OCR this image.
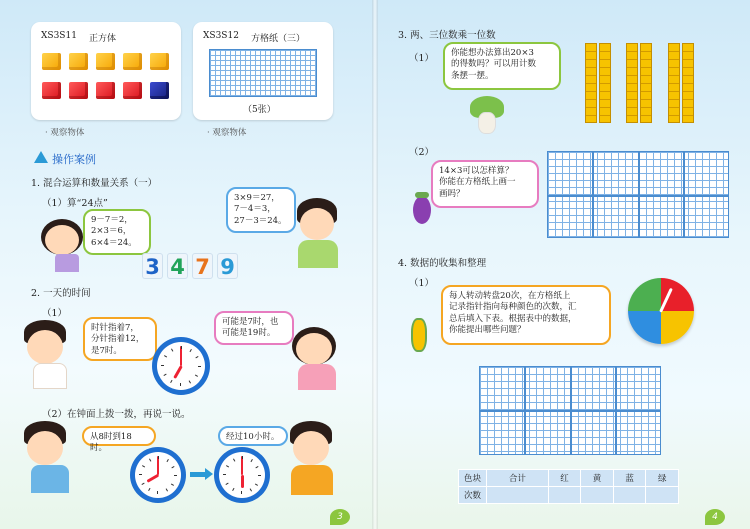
XS3S11 正方体
· 观察物体
XS3S12 方格纸（三）
（5张）
· 观察物体
操作案例
1. 混合运算和数量关系（一）
（1）算“24点”
9－7＝2，
2×3＝6，
6×4＝24。
3 4 7 9
3×9＝27，
7－4＝3，
27－3＝24。
2. 一天的时间
（1）
时针指着7，
分针指着12，
是7时。
可能是7时，也
可能是19时。
（2）在钟面上拨一拨，再说一说。
从8时到18时。
经过10小时。
3
3. 两、三位数乘一位数
（1） 你能想办法算出20×3
的得数吗？可以用计数
条摆一摆。
（2）
14×3可以怎样算？
你能在方格纸上画一
画吗？
4. 数据的收集和整理
（1）
每人转动转盘20次，在方格纸上
记录指针指向每种颜色的次数，汇
总后填入下表。根据表中的数据，
你能提出哪些问题？
色块	合计	红	黄	蓝	绿
次数					
4
